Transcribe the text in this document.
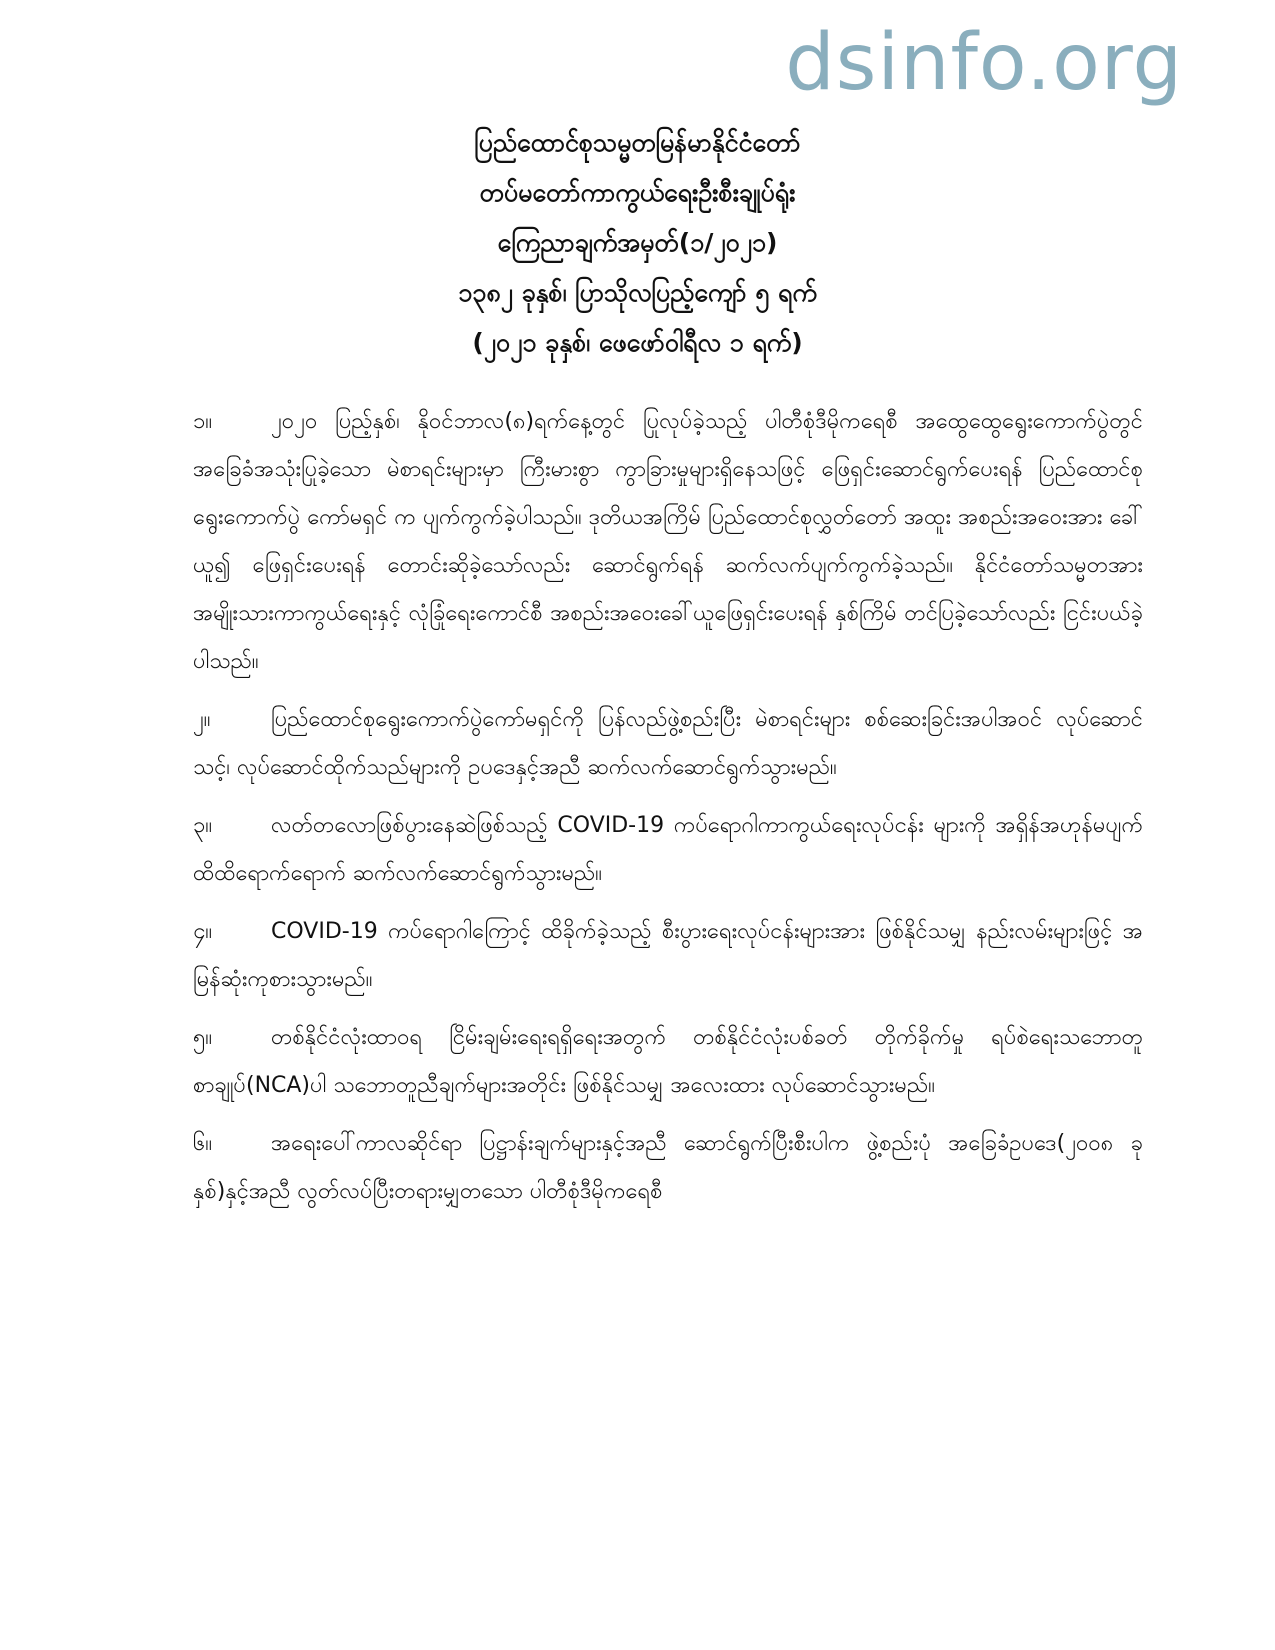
dsinfo.org
ပြည်ထောင်စုသမ္မတမြန်မာနိုင်ငံတော်
တပ်မတော်ကာကွယ်ရေးဦးစီးချုပ်ရုံး
ကြေညာချက်အမှတ်(၁/၂၀၂၁)
၁၃၈၂ ခုနှစ်၊ ပြာသိုလပြည့်ကျော် ၅ ရက်
(၂၀၂၁ ခုနှစ်၊ ဖေဖော်ဝါရီလ ၁ ရက်)

၁။	၂၀၂၀ ပြည့်နှစ်၊ နိုဝင်ဘာလ(၈)ရက်နေ့တွင် ပြုလုပ်ခဲ့သည့် ပါတီစုံဒီမိုကရေစီ အထွေထွေရွေးကောက်ပွဲတွင် အခြေခံအသုံးပြုခဲ့သော မဲစာရင်းများမှာ ကြီးမားစွာ ကွာခြားမှုများရှိနေသဖြင့် ဖြေရှင်းဆောင်ရွက်ပေးရန် ပြည်ထောင်စုရွေးကောက်ပွဲ ကော်မရှင် က ပျက်ကွက်ခဲ့ပါသည်။ ဒုတိယအကြိမ် ပြည်ထောင်စုလွှတ်တော် အထူး အစည်းအဝေးအား ခေါ်ယူ၍ ဖြေရှင်းပေးရန် တောင်းဆိုခဲ့သော်လည်း ဆောင်ရွက်ရန် ဆက်လက်ပျက်ကွက်ခဲ့သည်။ နိုင်ငံတော်သမ္မတအား အမျိုးသားကာကွယ်ရေးနှင့် လုံခြုံရေးကောင်စီ အစည်းအဝေးခေါ်ယူဖြေရှင်းပေးရန် နှစ်ကြိမ် တင်ပြခဲ့သော်လည်း ငြင်းပယ်ခဲ့ပါသည်။

၂။	ပြည်ထောင်စုရွေးကောက်ပွဲကော်မရှင်ကို ပြန်လည်ဖွဲ့စည်းပြီး မဲစာရင်းများ စစ်ဆေးခြင်းအပါအဝင် လုပ်ဆောင်သင့်၊ လုပ်ဆောင်ထိုက်သည်များကို ဥပဒေနှင့်အညီ ဆက်လက်ဆောင်ရွက်သွားမည်။

၃။	လတ်တလောဖြစ်ပွားနေဆဲဖြစ်သည့် COVID-19 ကပ်ရောဂါကာကွယ်ရေးလုပ်ငန်း များကို အရှိန်အဟုန်မပျက်ထိထိရောက်ရောက် ဆက်လက်ဆောင်ရွက်သွားမည်။

၄။	COVID-19 ကပ်ရောဂါကြောင့် ထိခိုက်ခဲ့သည့် စီးပွားရေးလုပ်ငန်းများအား ဖြစ်နိုင်သမျှ နည်းလမ်းများဖြင့် အမြန်ဆုံးကုစားသွားမည်။

၅။	တစ်နိုင်ငံလုံးထာဝရ ငြိမ်းချမ်းရေးရရှိရေးအတွက် တစ်နိုင်ငံလုံးပစ်ခတ် တိုက်ခိုက်မှု ရပ်စဲရေးသဘောတူစာချုပ်(NCA)ပါ သဘောတူညီချက်များအတိုင်း ဖြစ်နိုင်သမျှ အလေးထား လုပ်ဆောင်သွားမည်။

၆။	အရေးပေါ်ကာလဆိုင်ရာ ပြဋ္ဌာန်းချက်များနှင့်အညီ ဆောင်ရွက်ပြီးစီးပါက ဖွဲ့စည်းပုံ အခြေခံဥပဒေ(၂၀၀၈ ခုနှစ်)နှင့်အညီ လွတ်လပ်ပြီးတရားမျှတသော ပါတီစုံဒီမိုကရေစီ
